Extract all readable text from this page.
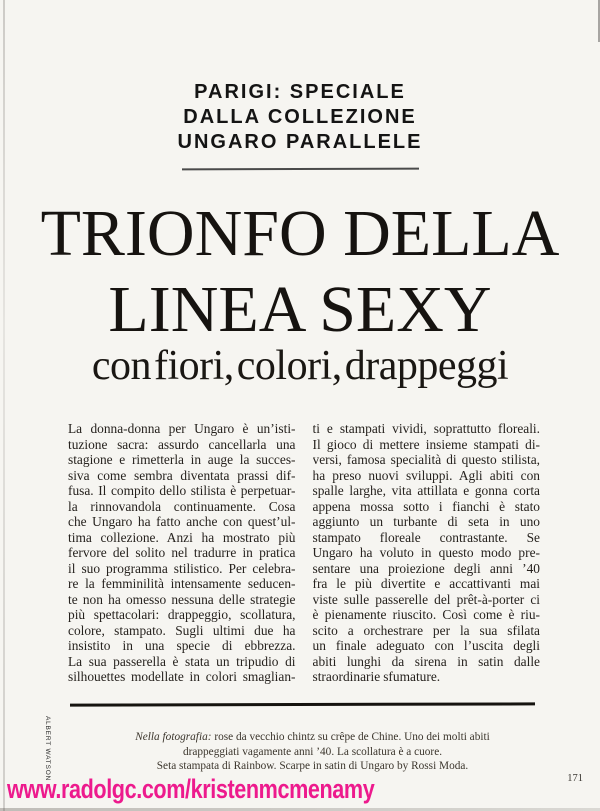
PARIGI: SPECIALE
DALLA COLLEZIONE
UNGARO PARALLELE
TRIONFO DELLA
LINEA SEXY
con fiori, colori, drappeggi
La donna-donna per Ungaro è un’isti-
tuzione sacra: assurdo cancellarla una
stagione e rimetterla in auge la succes-
siva come sembra diventata prassi dif-
fusa. Il compito dello stilista è perpetuar-
la rinnovandola continuamente. Cosa
che Ungaro ha fatto anche con quest’ul-
tima collezione. Anzi ha mostrato più
fervore del solito nel tradurre in pratica
il suo programma stilistico. Per celebra-
re la femminilità intensamente seducen-
te non ha omesso nessuna delle strategie
più spettacolari: drappeggio, scollatura,
colore, stampato. Sugli ultimi due ha
insistito in una specie di ebbrezza.
La sua passerella è stata un tripudio di
silhouettes modellate in colori smaglian-
ti e stampati vividi, soprattutto floreali.
Il gioco di mettere insieme stampati di-
versi, famosa specialità di questo stilista,
ha preso nuovi sviluppi. Agli abiti con
spalle larghe, vita attillata e gonna corta
appena mossa sotto i fianchi è stato
aggiunto un turbante di seta in uno
stampato floreale contrastante. Se
Ungaro ha voluto in questo modo pre-
sentare una proiezione degli anni ’40
fra le più divertite e accattivanti mai
viste sulle passerelle del prêt-à-porter ci
è pienamente riuscito. Così come è riu-
scito a orchestrare per la sua sfilata
un finale adeguato con l’uscita degli
abiti lunghi da sirena in satin dalle
straordinarie sfumature.
Nella fotografia: rose da vecchio chintz su crêpe de Chine. Uno dei molti abiti
drappeggiati vagamente anni ’40. La scollatura è a cuore.
Seta stampata di Rainbow. Scarpe in satin di Ungaro by Rossi Moda.
ALBERT WATSON
www.radolgc.com/kristenmcmenamy	171
